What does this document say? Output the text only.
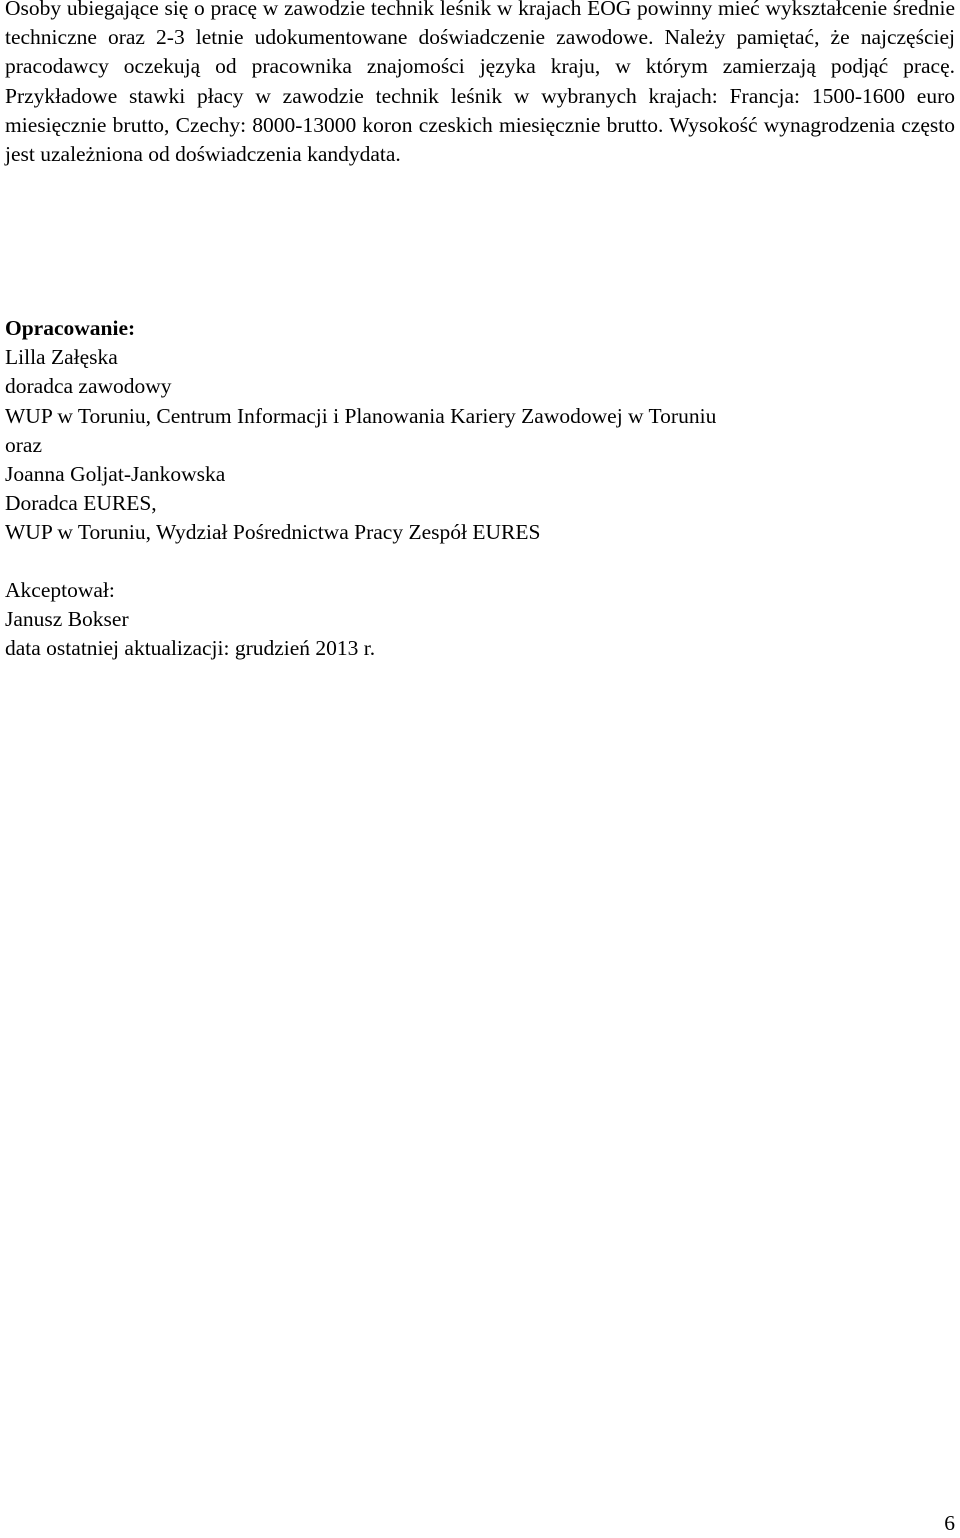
Osoby ubiegające się o pracę w zawodzie technik leśnik w krajach EOG powinny mieć wykształcenie średnie techniczne oraz 2-3 letnie udokumentowane doświadczenie zawodowe. Należy pamiętać, że najczęściej pracodawcy oczekują od pracownika znajomości języka kraju, w którym zamierzają podjąć pracę. Przykładowe stawki płacy w zawodzie technik leśnik w wybranych krajach: Francja: 1500-1600 euro miesięcznie brutto, Czechy: 8000-13000 koron czeskich miesięcznie brutto. Wysokość wynagrodzenia często jest uzależniona od doświadczenia kandydata.

Opracowanie:
Lilla Załęska
doradca zawodowy
WUP w Toruniu, Centrum Informacji i Planowania Kariery Zawodowej w Toruniu
oraz
Joanna Goljat-Jankowska
Doradca EURES,
WUP w Toruniu, Wydział Pośrednictwa Pracy Zespół EURES
Akceptował:
Janusz Bokser
data ostatniej aktualizacji: grudzień 2013 r.
6
